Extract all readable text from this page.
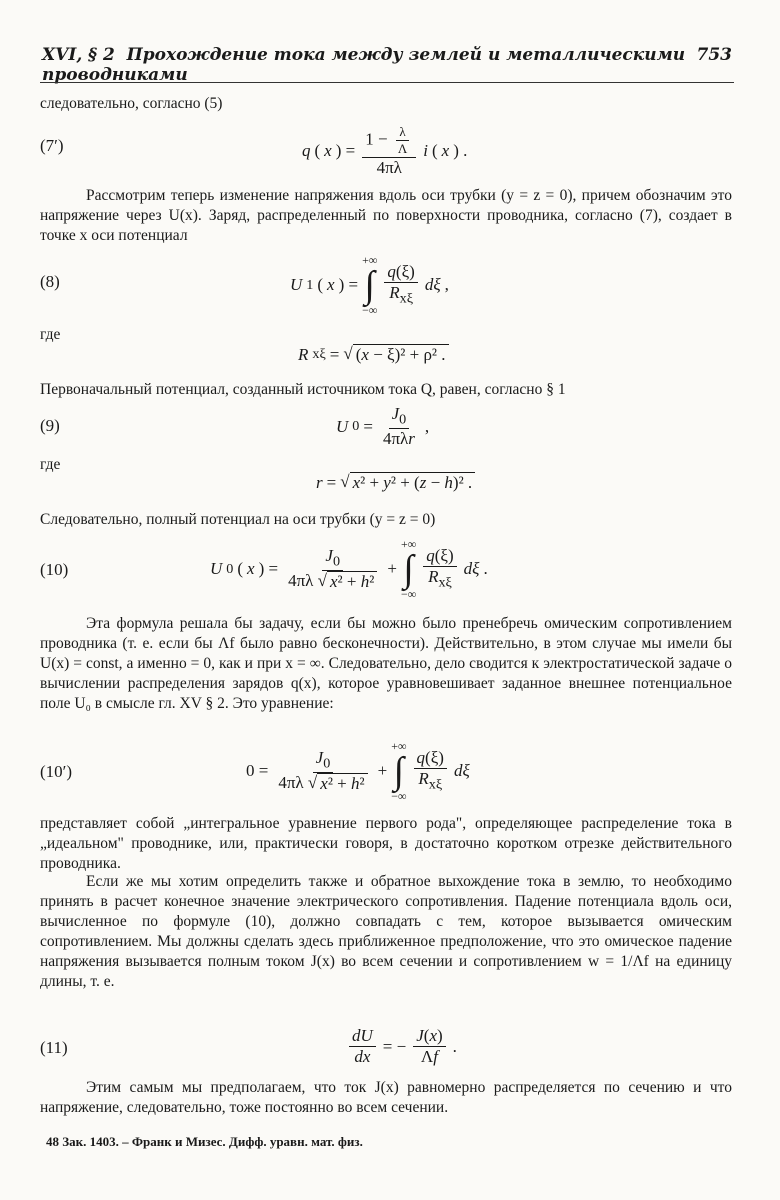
XVI, § 2 Прохождение тока между землей и металлическими проводниками
753
следовательно, согласно (5)
(7′)	q ( x ) = $\frac{1 - \frac{\lambda}{\Lambda}}{4\pi\lambda}$ i ( x ) .
Рассмотрим теперь изменение напряжения вдоль оси трубки (y = z = 0), причем обозначим это напряжение через U(x). Заряд, распределенный по поверхности проводника, согласно (7), создает в точке x оси потенциал
(8)	U 1 ( x ) =
+∞
∫
−∞
$\frac{q(\xi)}{R_{x\xi}}$ dξ ,
где
R xξ = √ (x − ξ)² + ρ² .
Первоначальный потенциал, созданный источником тока Q, равен, согласно § 1
(9)	U $0 = \frac{J_0}{\text{4πλr}}$ ,
где
r = √ x² + y² + (z − h)² .
Следовательно, полный потенциал на оси трубки (y = z = 0)
(10)	U 0 ( x ) = $\frac{J_0}{\text{4πλ √ x² + h²}}$ +
+∞
∫
−∞
$\frac{q(\xi)}{R_{x\xi}}$ dξ .
Эта формула решала бы задачу, если бы можно было пренебречь омическим сопротивлением проводника (т. е. если бы Λf было равно бесконечности). Действительно, в этом случае мы имели бы U(x) = const, а именно = 0, как и при x = ∞. Следовательно, дело сводится к электростатической задаче о вычислении распределения зарядов q(x), которое уравновешивает заданное внешнее потенциальное поле U₀ в смысле гл. XV § 2. Это уравнение:
(10′)	$0 = \frac{J_0}{\text{4πλ √ x² + h²}}$ +
+∞
∫
−∞
$\frac{q(\xi)}{R_{x\xi}}$ dξ
представляет собой „интегральное уравнение первого рода", определяющее распределение тока в „идеальном" проводнике, или, практически говоря, в достаточно коротком отрезке действительного проводника.
Если же мы хотим определить также и обратное выхождение тока в землю, то необходимо принять в расчет конечное значение электрического сопротивления. Падение потенциала вдоль оси, вычисленное по формуле (10), должно совпадать с тем, которое вызывается омическим сопротивлением. Мы должны сделать здесь приближенное предположение, что это омическое падение напряжения вызывается полным током J(x) во всем сечении и сопротивлением w = 1/Λf на единицу длины, т. е.
(11)	$\frac{dU}{dx}$ = − $\frac{J(x)}{\Lambda f}$ .
Этим самым мы предполагаем, что ток J(x) равномерно распределяется по сечению и что напряжение, следовательно, тоже постоянно во всем сечении.
48 Зак. 1403. – Франк и Мизес. Дифф. уравн. мат. физ.
